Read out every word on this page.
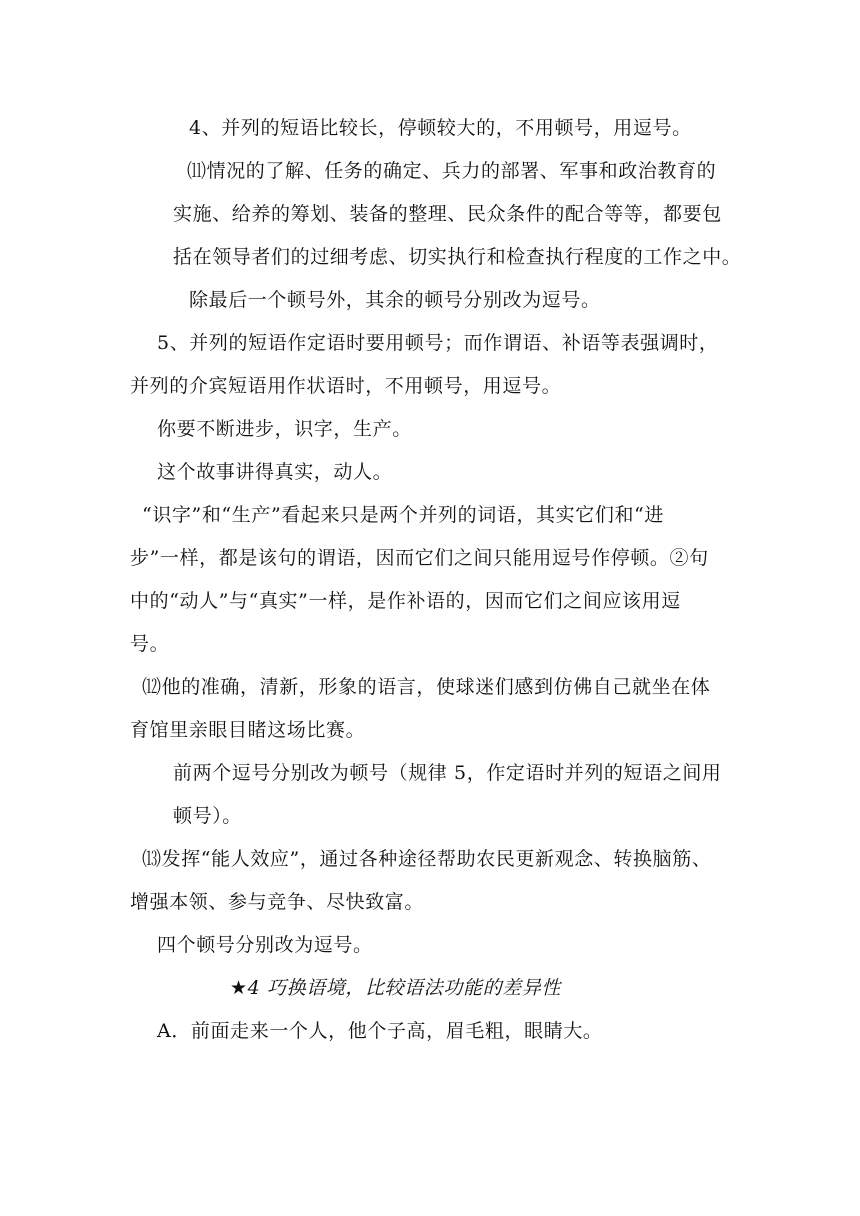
4、并列的短语比较长，停顿较大的，不用顿号，用逗号。
⑾情况的了解、任务的确定、兵力的部署、军事和政治教育的
实施、给养的筹划、装备的整理、民众条件的配合等等，都要包
括在领导者们的过细考虑、切实执行和检查执行程度的工作之中。
除最后一个顿号外，其余的顿号分别改为逗号。
5、并列的短语作定语时要用顿号；而作谓语、补语等表强调时，
并列的介宾短语用作状语时，不用顿号，用逗号。
你要不断进步，识字，生产。
这个故事讲得真实，动人。
“识字”和“生产”看起来只是两个并列的词语，其实它们和“进
步”一样，都是该句的谓语，因而它们之间只能用逗号作停顿。②句
中的“动人”与“真实”一样，是作补语的，因而它们之间应该用逗
号。
⑿他的准确，清新，形象的语言，使球迷们感到仿佛自己就坐在体
育馆里亲眼目睹这场比赛。
前两个逗号分别改为顿号（规律 5，作定语时并列的短语之间用
顿号）。
⒀发挥“能人效应”，通过各种途径帮助农民更新观念、转换脑筋、
增强本领、参与竞争、尽快致富。
四个顿号分别改为逗号。
★4 巧换语境，比较语法功能的差异性
A．前面走来一个人，他个子高，眉毛粗，眼睛大。
